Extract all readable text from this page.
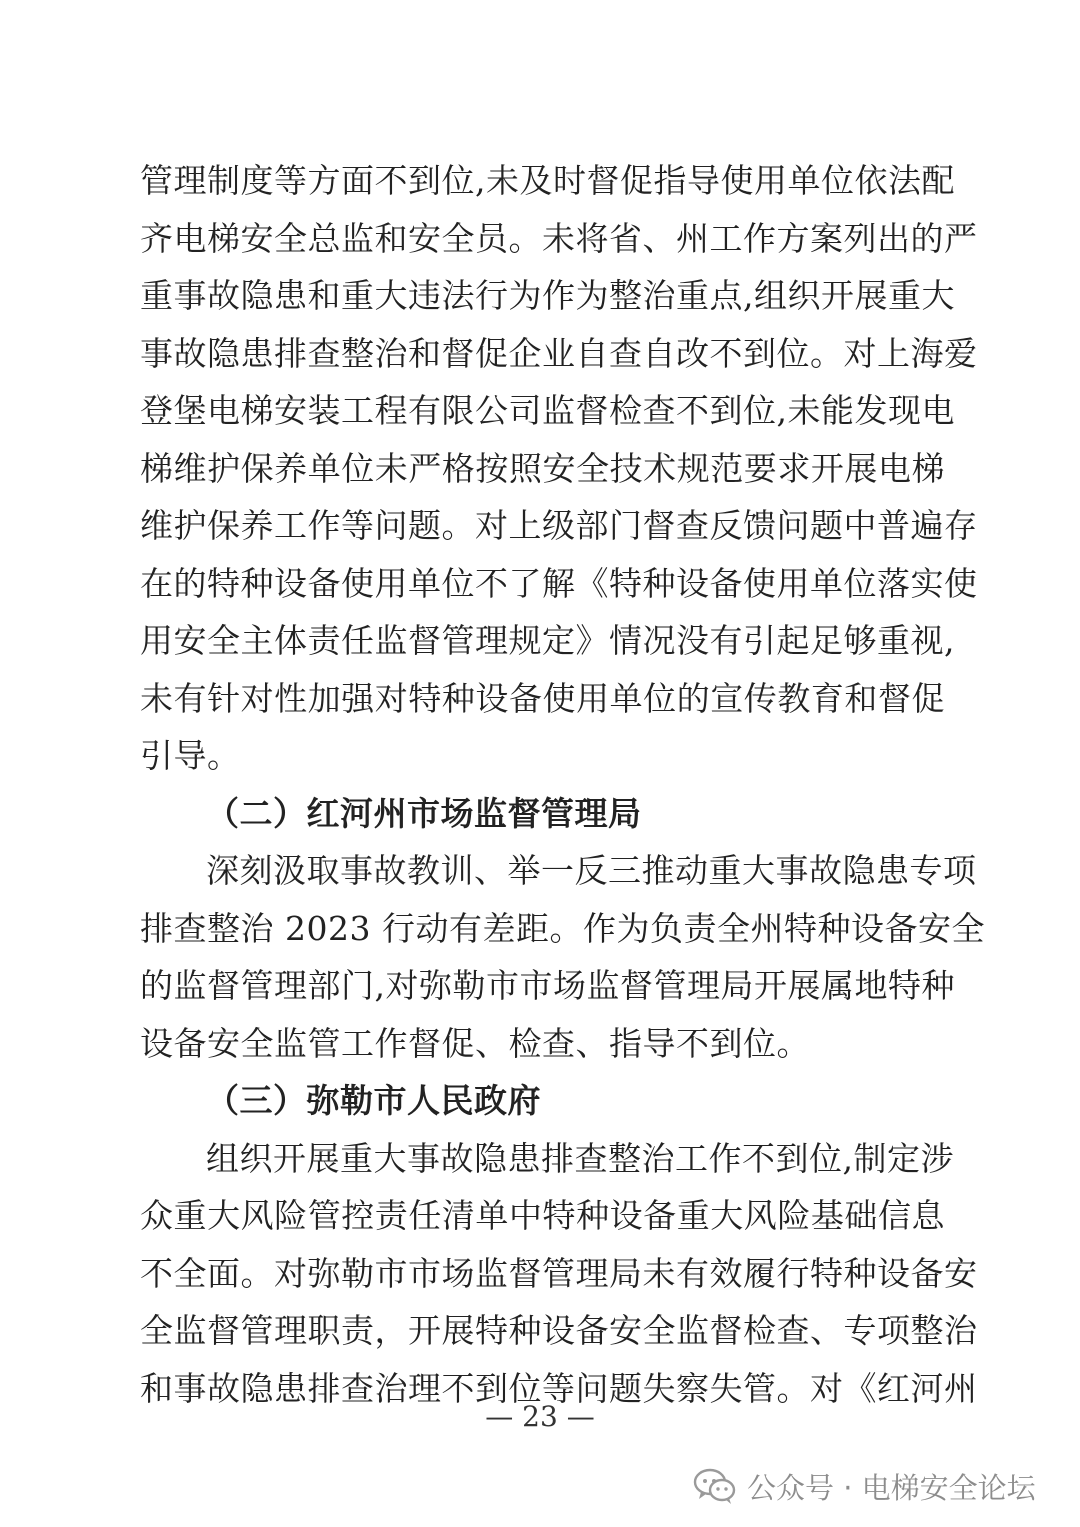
管理制度等方面不到位,未及时督促指导使用单位依法配
齐电梯安全总监和安全员。未将省、州工作方案列出的严
重事故隐患和重大违法行为作为整治重点,组织开展重大
事故隐患排查整治和督促企业自查自改不到位。对上海爱
登堡电梯安装工程有限公司监督检查不到位,未能发现电
梯维护保养单位未严格按照安全技术规范要求开展电梯
维护保养工作等问题。对上级部门督查反馈问题中普遍存
在的特种设备使用单位不了解《特种设备使用单位落实使
用安全主体责任监督管理规定》情况没有引起足够重视,
未有针对性加强对特种设备使用单位的宣传教育和督促
引导。
（二）红河州市场监督管理局
深刻汲取事故教训、举一反三推动重大事故隐患专项
排查整治 2023 行动有差距。作为负责全州特种设备安全
的监督管理部门,对弥勒市市场监督管理局开展属地特种
设备安全监管工作督促、检查、指导不到位。
（三）弥勒市人民政府
组织开展重大事故隐患排查整治工作不到位,制定涉
众重大风险管控责任清单中特种设备重大风险基础信息
不全面。对弥勒市市场监督管理局未有效履行特种设备安
全监督管理职责，开展特种设备安全监督检查、专项整治
和事故隐患排查治理不到位等问题失察失管。对《红河州
— 23 —
公众号 · 电梯安全论坛
